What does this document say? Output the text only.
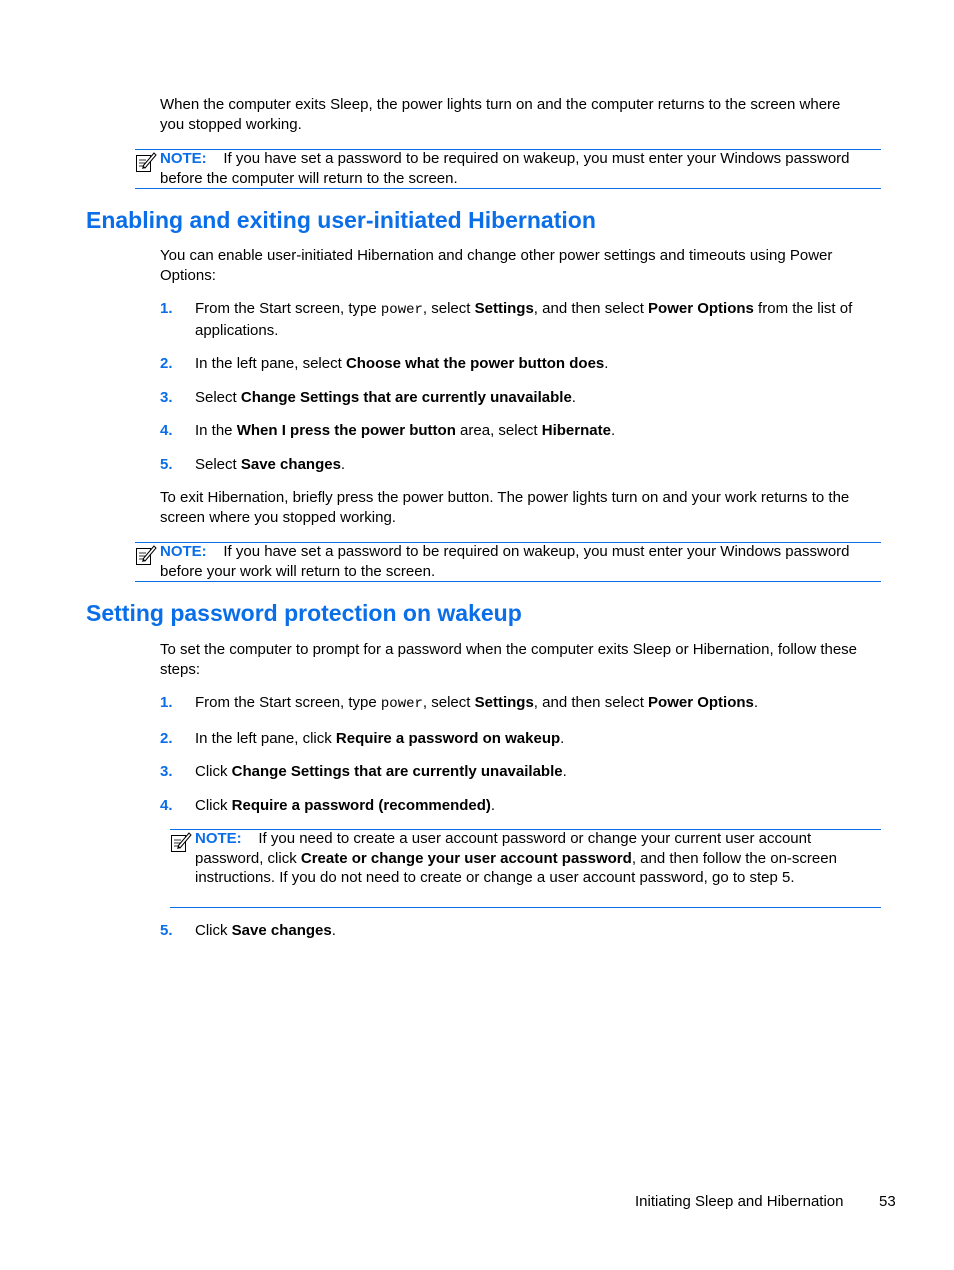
When the computer exits Sleep, the power lights turn on and the computer returns to the screen where you stopped working.

NOTE: If you have set a password to be required on wakeup, you must enter your Windows password before the computer will return to the screen.

Enabling and exiting user-initiated Hibernation

You can enable user-initiated Hibernation and change other power settings and timeouts using Power Options:

1. From the Start screen, type power, select Settings, and then select Power Options from the list of applications.
2. In the left pane, select Choose what the power button does.
3. Select Change Settings that are currently unavailable.
4. In the When I press the power button area, select Hibernate.
5. Select Save changes.

To exit Hibernation, briefly press the power button. The power lights turn on and your work returns to the screen where you stopped working.

NOTE: If you have set a password to be required on wakeup, you must enter your Windows password before your work will return to the screen.

Setting password protection on wakeup

To set the computer to prompt for a password when the computer exits Sleep or Hibernation, follow these steps:

1. From the Start screen, type power, select Settings, and then select Power Options.
2. In the left pane, click Require a password on wakeup.
3. Click Change Settings that are currently unavailable.
4. Click Require a password (recommended).

NOTE: If you need to create a user account password or change your current user account password, click Create or change your user account password, and then follow the on-screen instructions. If you do not need to create or change a user account password, go to step 5.

5. Click Save changes.
Initiating Sleep and Hibernation 53
